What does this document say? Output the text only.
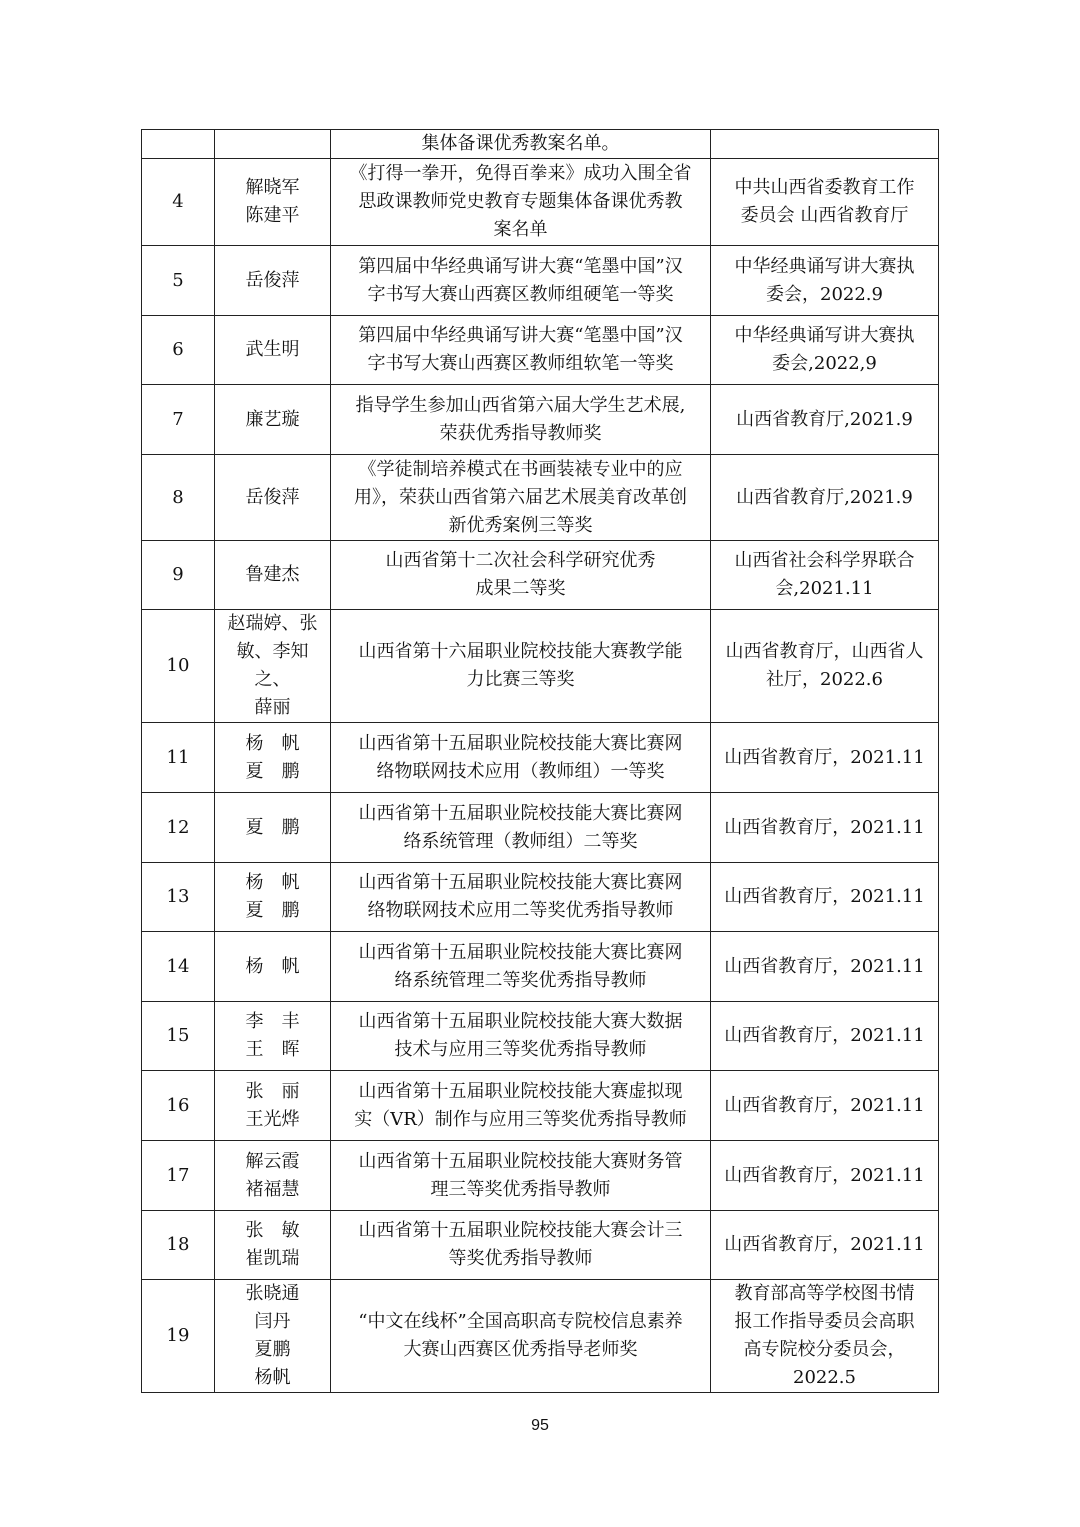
		集体备课优秀教案名单。	
4	解晓军
陈建平	《打得一拳开，免得百拳来》成功入围全省
思政课教师党史教育专题集体备课优秀教
案名单	中共山西省委教育工作
委员会 山西省教育厅
5	岳俊萍	第四届中华经典诵写讲大赛“笔墨中国”汉
字书写大赛山西赛区教师组硬笔一等奖	中华经典诵写讲大赛执
委会，2022.9
6	武生明	第四届中华经典诵写讲大赛“笔墨中国”汉
字书写大赛山西赛区教师组软笔一等奖	中华经典诵写讲大赛执
委会,2022,9
7	廉艺璇	指导学生参加山西省第六届大学生艺术展,
荣获优秀指导教师奖	山西省教育厅,2021.9
8	岳俊萍	《学徒制培养模式在书画装裱专业中的应
用》，荣获山西省第六届艺术展美育改革创
新优秀案例三等奖	山西省教育厅,2021.9
9	鲁建杰	山西省第十二次社会科学研究优秀
成果二等奖	山西省社会科学界联合
会,2021.11
10	赵瑞婷、张
敏、李知之、
薛丽	山西省第十六届职业院校技能大赛教学能
力比赛三等奖	山西省教育厅，山西省人
社厅，2022.6
11	杨　帆
夏　鹏	山西省第十五届职业院校技能大赛比赛网
络物联网技术应用（教师组）一等奖	山西省教育厅，2021.11
12	夏　鹏	山西省第十五届职业院校技能大赛比赛网
络系统管理（教师组）二等奖	山西省教育厅，2021.11
13	杨　帆
夏　鹏	山西省第十五届职业院校技能大赛比赛网
络物联网技术应用二等奖优秀指导教师	山西省教育厅，2021.11
14	杨　帆	山西省第十五届职业院校技能大赛比赛网
络系统管理二等奖优秀指导教师	山西省教育厅，2021.11
15	李　丰
王　晖	山西省第十五届职业院校技能大赛大数据
技术与应用三等奖优秀指导教师	山西省教育厅，2021.11
16	张　丽
王光烨	山西省第十五届职业院校技能大赛虚拟现
实（VR）制作与应用三等奖优秀指导教师	山西省教育厅，2021.11
17	解云霞
褚福慧	山西省第十五届职业院校技能大赛财务管
理三等奖优秀指导教师	山西省教育厅，2021.11
18	张　敏
崔凯瑞	山西省第十五届职业院校技能大赛会计三
等奖优秀指导教师	山西省教育厅，2021.11
19	张晓通
闫丹
夏鹏
杨帆	“中文在线杯”全国高职高专院校信息素养
大赛山西赛区优秀指导老师奖	教育部高等学校图书情
报工作指导委员会高职
高专院校分委员会，
2022.5
95
